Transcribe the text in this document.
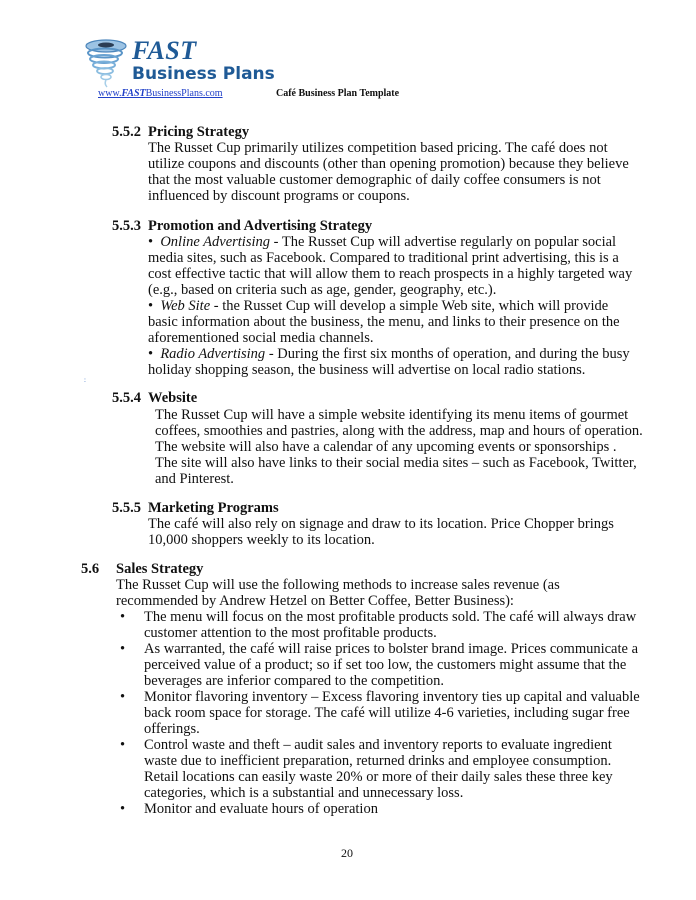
FAST
Business Plans
www.FASTBusinessPlans.com	Café Business Plan Template
5.5.2 Pricing Strategy
The Russet Cup primarily utilizes competition based pricing. The café does not
utilize coupons and discounts (other than opening promotion) because they believe
that the most valuable customer demographic of daily coffee consumers is not
influenced by discount programs or coupons.
5.5.3 Promotion and Advertising Strategy
• Online Advertising - The Russet Cup will advertise regularly on popular social
media sites, such as Facebook. Compared to traditional print advertising, this is a
cost effective tactic that will allow them to reach prospects in a highly targeted way
(e.g., based on criteria such as age, gender, geography, etc.).
• Web Site - the Russet Cup will develop a simple Web site, which will provide
basic information about the business, the menu, and links to their presence on the
aforementioned social media channels.
• Radio Advertising - During the first six months of operation, and during the busy
holiday shopping season, the business will advertise on local radio stations.
:
5.5.4 Website
The Russet Cup will have a simple website identifying its menu items of gourmet
coffees, smoothies and pastries, along with the address, map and hours of operation.
The website will also have a calendar of any upcoming events or sponsorships .
The site will also have links to their social media sites – such as Facebook, Twitter,
and Pinterest.
5.5.5 Marketing Programs
The café will also rely on signage and draw to its location. Price Chopper brings
10,000 shoppers weekly to its location.
5.6 Sales Strategy
The Russet Cup will use the following methods to increase sales revenue (as
recommended by Andrew Hetzel on Better Coffee, Better Business):
• The menu will focus on the most profitable products sold. The café will always draw
customer attention to the most profitable products.
• As warranted, the café will raise prices to bolster brand image. Prices communicate a
perceived value of a product; so if set too low, the customers might assume that the
beverages are inferior compared to the competition.
• Monitor flavoring inventory – Excess flavoring inventory ties up capital and valuable
back room space for storage. The café will utilize 4-6 varieties, including sugar free
offerings.
• Control waste and theft – audit sales and inventory reports to evaluate ingredient
waste due to inefficient preparation, returned drinks and employee consumption.
Retail locations can easily waste 20% or more of their daily sales these three key
categories, which is a substantial and unnecessary loss.
• Monitor and evaluate hours of operation
20
